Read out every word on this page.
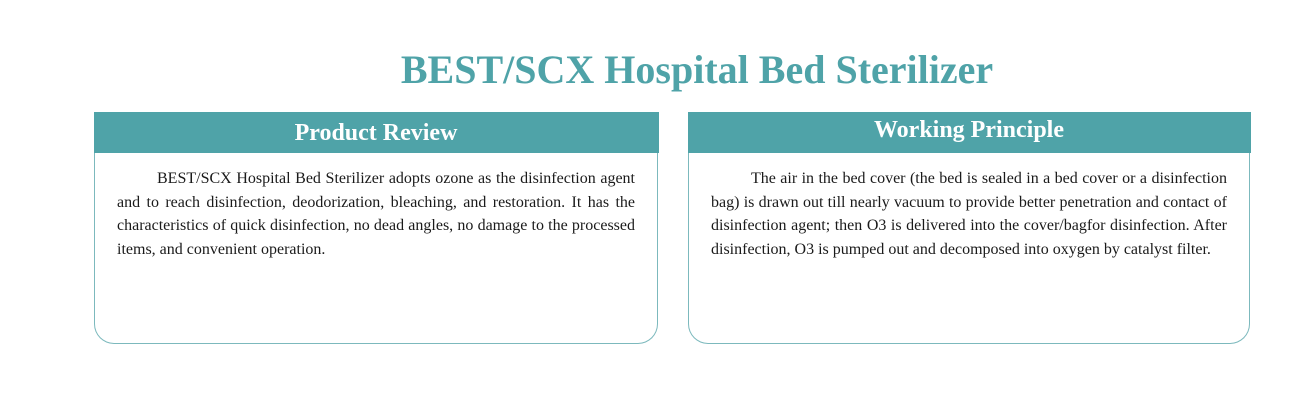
BEST/SCX Hospital Bed Sterilizer
Product Review

BEST/SCX Hospital Bed Sterilizer adopts ozone as the disinfection agent and to reach disinfection, deodorization, bleaching, and restoration. It has the characteristics of quick disinfection, no dead angles, no damage to the processed items, and convenient operation.

Working Principle

The air in the bed cover (the bed is sealed in a bed cover or a disinfection bag) is drawn out till nearly vacuum to provide better penetration and contact of disinfection agent; then O3 is delivered into the cover/bagfor disinfection. After disinfection, O3 is pumped out and decomposed into oxygen by catalyst filter.
